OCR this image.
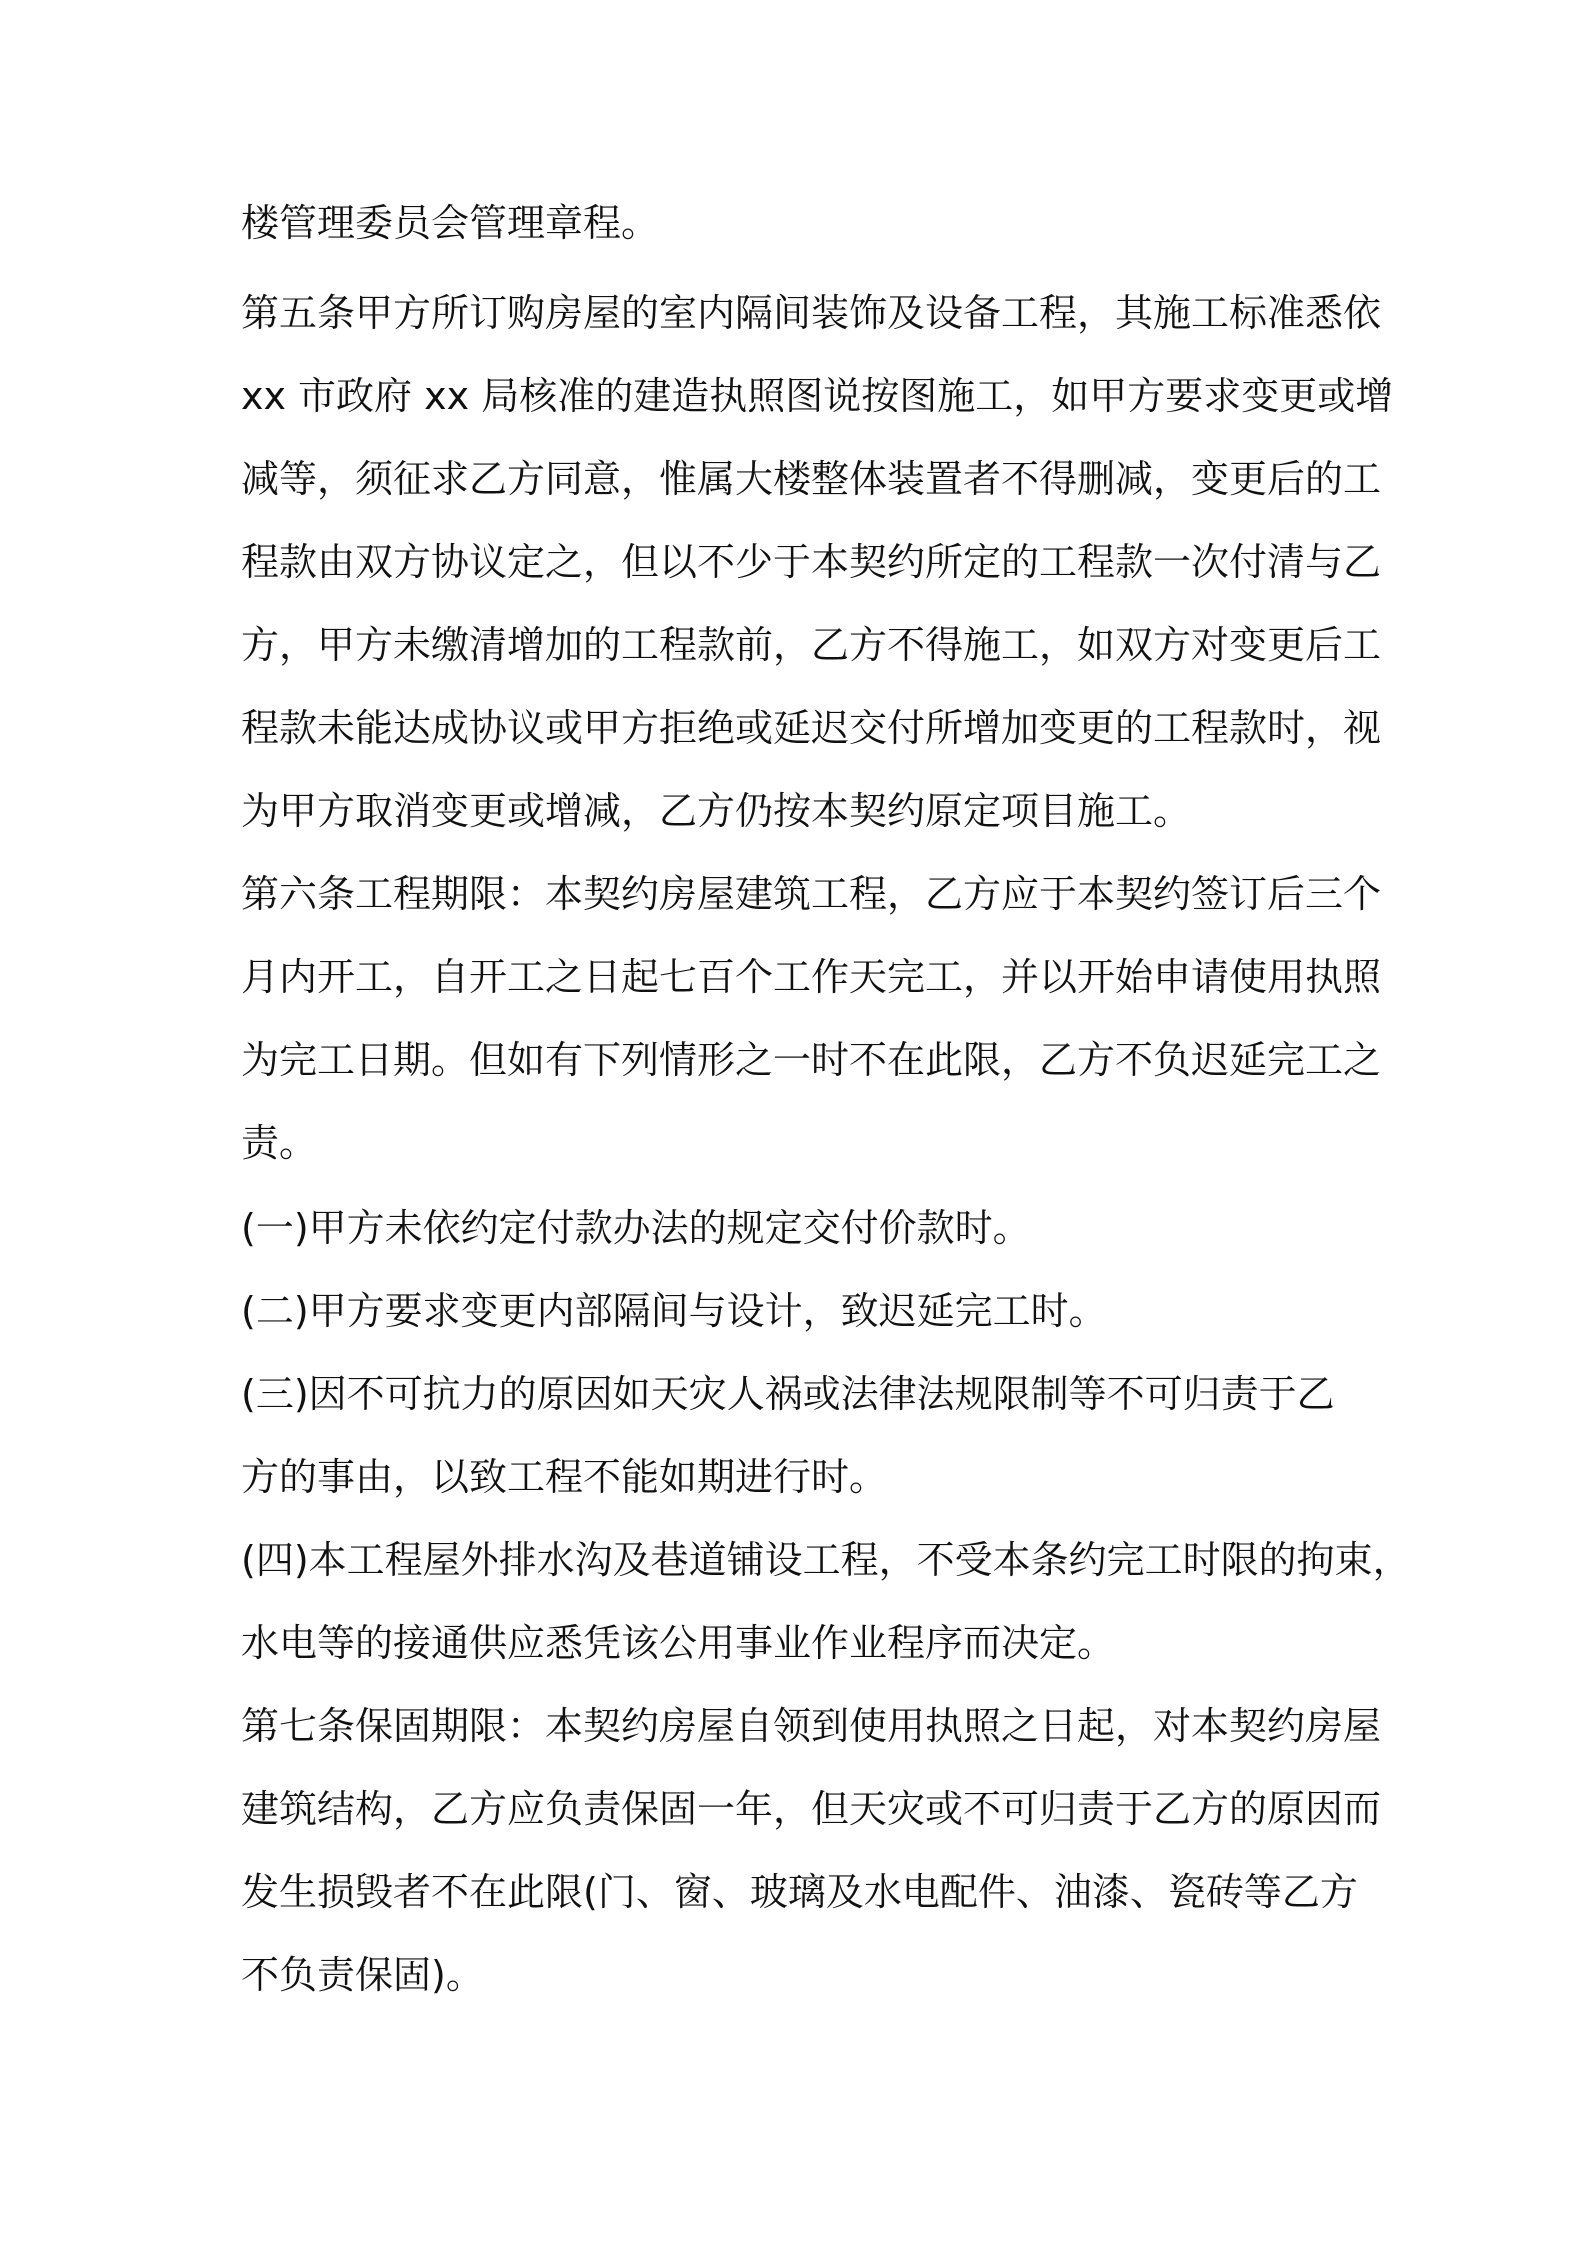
楼管理委员会管理章程。
第五条甲方所订购房屋的室内隔间装饰及设备工程，其施工标准悉依
xx 市政府 xx 局核准的建造执照图说按图施工，如甲方要求变更或增
减等，须征求乙方同意，惟属大楼整体装置者不得删减，变更后的工
程款由双方协议定之，但以不少于本契约所定的工程款一次付清与乙
方，甲方未缴清增加的工程款前，乙方不得施工，如双方对变更后工
程款未能达成协议或甲方拒绝或延迟交付所增加变更的工程款时，视
为甲方取消变更或增减，乙方仍按本契约原定项目施工。
第六条工程期限：本契约房屋建筑工程，乙方应于本契约签订后三个
月内开工，自开工之日起七百个工作天完工，并以开始申请使用执照
为完工日期。但如有下列情形之一时不在此限，乙方不负迟延完工之
责。
(一)甲方未依约定付款办法的规定交付价款时。
(二)甲方要求变更内部隔间与设计，致迟延完工时。
(三)因不可抗力的原因如天灾人祸或法律法规限制等不可归责于乙
方的事由，以致工程不能如期进行时。
(四)本工程屋外排水沟及巷道铺设工程，不受本条约完工时限的拘束，
水电等的接通供应悉凭该公用事业作业程序而决定。
第七条保固期限：本契约房屋自领到使用执照之日起，对本契约房屋
建筑结构，乙方应负责保固一年，但天灾或不可归责于乙方的原因而
发生损毁者不在此限(门、窗、玻璃及水电配件、油漆、瓷砖等乙方
不负责保固)。
